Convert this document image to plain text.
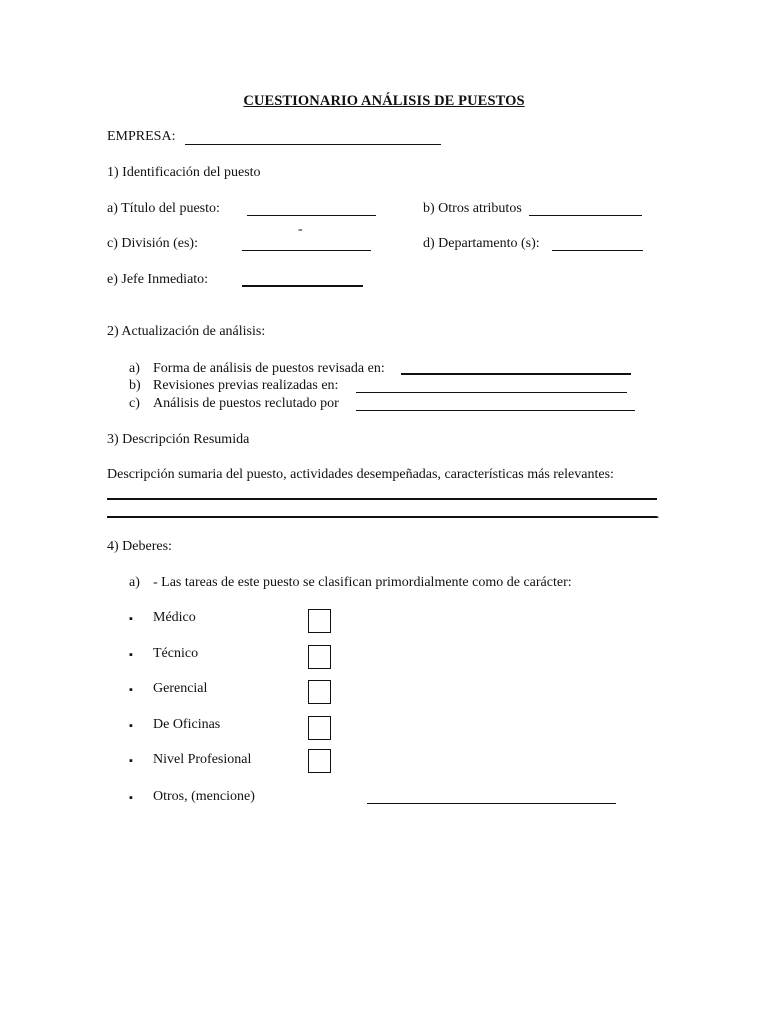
CUESTIONARIO ANÁLISIS DE PUESTOS
EMPRESA:
1) Identificación del puesto
a) Título del puesto:	b) Otros atributos
-
c) División (es):	d) Departamento (s):
e) Jefe Inmediato:
2) Actualización de análisis:
a) Forma de análisis de puestos revisada en:
b) Revisiones previas realizadas en:
c) Análisis de puestos reclutado por
3) Descripción Resumida
Descripción sumaria del puesto, actividades desempeñadas, características más relevantes:
.
4) Deberes:
a) - Las tareas de este puesto se clasifican primordialmente como de carácter:
▪ Médico
▪ Técnico
▪ Gerencial
▪ De Oficinas
▪ Nivel Profesional
▪ Otros, (mencione)
